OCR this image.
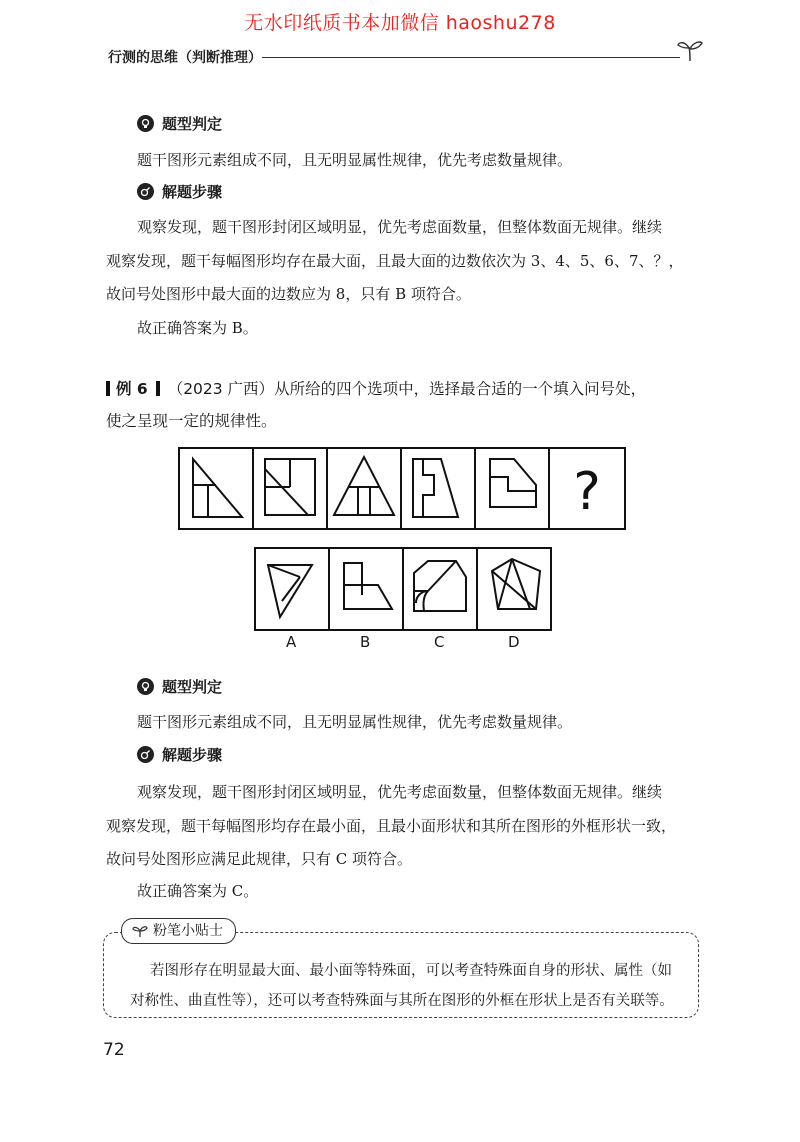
无水印纸质书本加微信 haoshu278
行测的思维（判断推理）
题型判定
题干图形元素组成不同，且无明显属性规律，优先考虑数量规律。
解题步骤
观察发现，题干图形封闭区域明显，优先考虑面数量，但整体数面无规律。继续
观察发现，题干每幅图形均存在最大面，且最大面的边数依次为 3、4、5、6、7、？，
故问号处图形中最大面的边数应为 8，只有 B 项符合。
故正确答案为 B。
例 6 （2023 广西）从所给的四个选项中，选择最合适的一个填入问号处，
使之呈现一定的规律性。
?
A	B	C	D
题型判定
题干图形元素组成不同，且无明显属性规律，优先考虑数量规律。
解题步骤
观察发现，题干图形封闭区域明显，优先考虑面数量，但整体数面无规律。继续
观察发现，题干每幅图形均存在最小面，且最小面形状和其所在图形的外框形状一致，
故问号处图形应满足此规律，只有 C 项符合。
故正确答案为 C。
粉笔小贴士
若图形存在明显最大面、最小面等特殊面，可以考查特殊面自身的形状、属性（如
对称性、曲直性等），还可以考查特殊面与其所在图形的外框在形状上是否有关联等。
72
